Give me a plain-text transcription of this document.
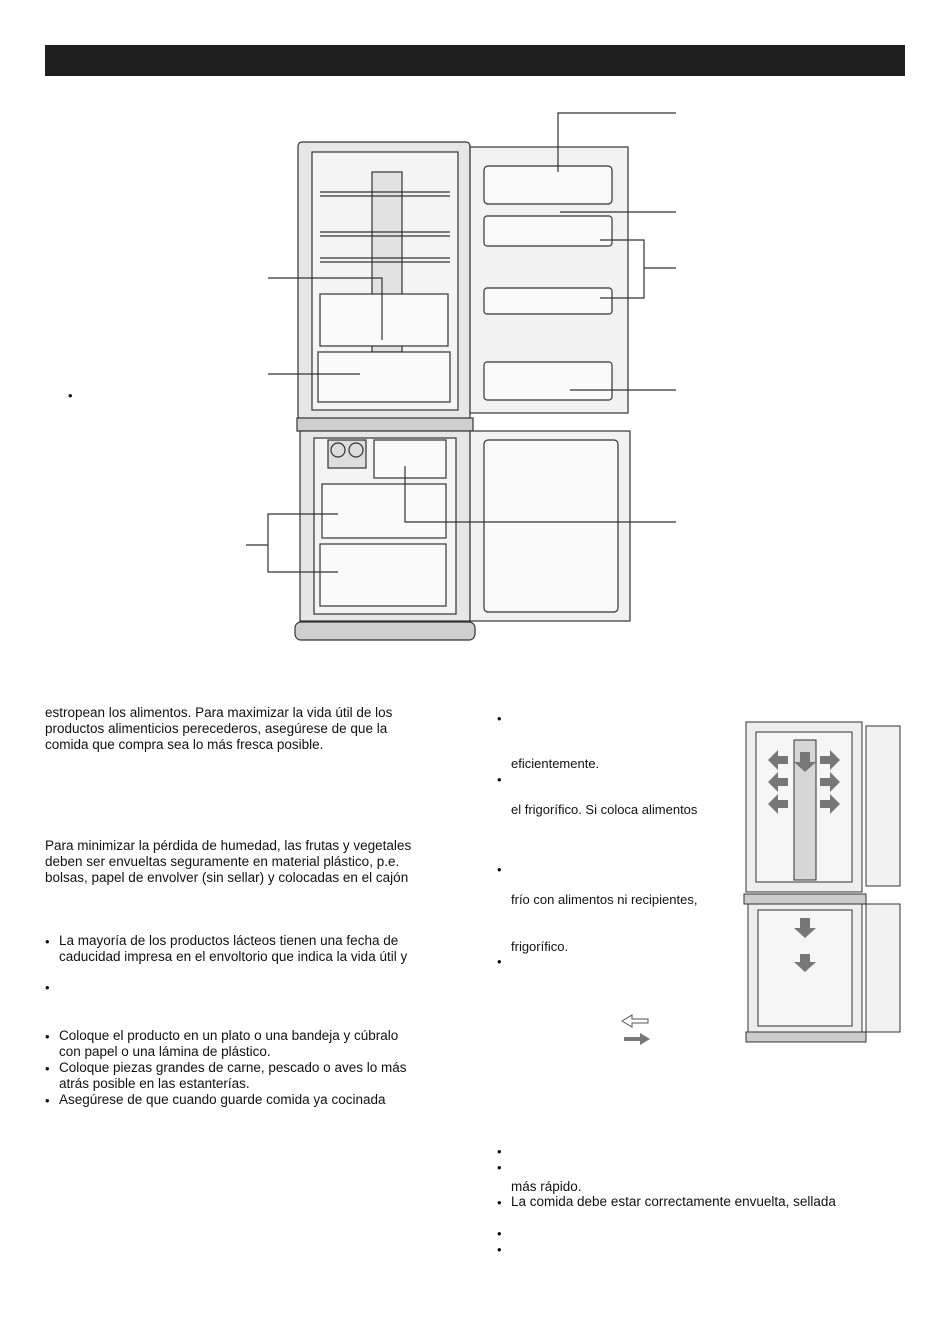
•
estropean los alimentos. Para maximizar la vida útil de los
productos alimenticios perecederos, asegúrese de que la
comida que compra sea lo más fresca posible.
Para minimizar la pérdida de humedad, las frutas y vegetales
deben ser envueltas seguramente en material plástico, p.e.
bolsas, papel de envolver (sin sellar) y colocadas en el cajón
• La mayoría de los productos lácteos tienen una fecha de
caducidad impresa en el envoltorio que indica la vida útil y
•
• Coloque el producto en un plato o una bandeja y cúbralo
con papel o una lámina de plástico.
• Coloque piezas grandes de carne, pescado o aves lo más
atrás posible en las estanterías.
• Asegúrese de que cuando guarde comida ya cocinada
•
eficientemente.
•
el frigorífico. Si coloca alimentos
•
frío con alimentos ni recipientes,
frigorífico.
•
•
•
más rápido.
• La comida debe estar correctamente envuelta, sellada
•
•
